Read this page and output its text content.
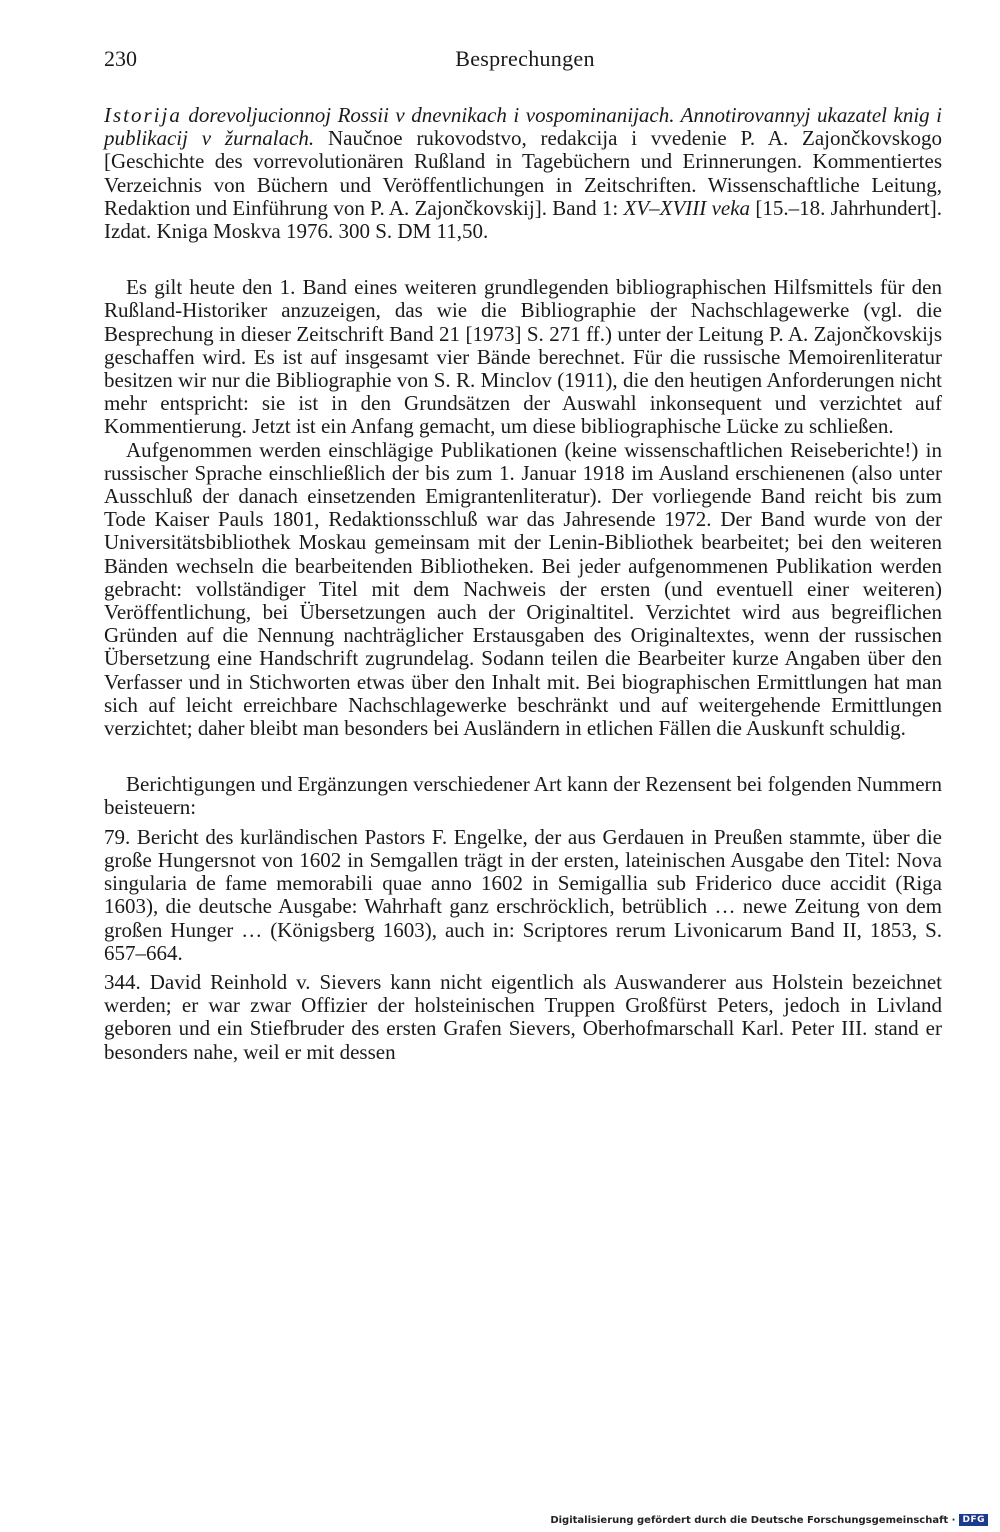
230	Besprechungen

Istorija dorevoljucionnoj Rossii v dnevnikach i vospominanijach. Annotirovannyj ukazatel knig i publikacij v žurnalach. Naučnoe rukovodstvo, redakcija i vvedenie P. A. Zajončkovskogo [Geschichte des vorrevolutionären Rußland in Tagebüchern und Erinnerungen. Kommentiertes Verzeichnis von Büchern und Veröffentlichungen in Zeitschriften. Wissenschaftliche Leitung, Redaktion und Einführung von P. A. Zajončkovskij]. Band 1: XV–XVIII veka [15.–18. Jahrhundert]. Izdat. Kniga Moskva 1976. 300 S. DM 11,50.

Es gilt heute den 1. Band eines weiteren grundlegenden bibliographischen Hilfsmittels für den Rußland-Historiker anzuzeigen, das wie die Bibliographie der Nachschlagewerke (vgl. die Besprechung in dieser Zeitschrift Band 21 [1973] S. 271 ff.) unter der Leitung P. A. Zajončkovskijs geschaffen wird. Es ist auf insgesamt vier Bände berechnet. Für die russische Memoirenliteratur besitzen wir nur die Bibliographie von S. R. Minclov (1911), die den heutigen Anforderungen nicht mehr entspricht: sie ist in den Grundsätzen der Auswahl inkonsequent und verzichtet auf Kommentierung. Jetzt ist ein Anfang gemacht, um diese bibliographische Lücke zu schließen.

Aufgenommen werden einschlägige Publikationen (keine wissenschaftlichen Reiseberichte!) in russischer Sprache einschließlich der bis zum 1. Januar 1918 im Ausland erschienenen (also unter Ausschluß der danach einsetzenden Emigrantenliteratur). Der vorliegende Band reicht bis zum Tode Kaiser Pauls 1801, Redaktionsschluß war das Jahresende 1972. Der Band wurde von der Universitätsbibliothek Moskau gemeinsam mit der Lenin-Bibliothek bearbeitet; bei den weiteren Bänden wechseln die bearbeitenden Bibliotheken. Bei jeder aufgenommenen Publikation werden gebracht: vollständiger Titel mit dem Nachweis der ersten (und eventuell einer weiteren) Veröffentlichung, bei Übersetzungen auch der Originaltitel. Verzichtet wird aus begreiflichen Gründen auf die Nennung nachträglicher Erstausgaben des Originaltextes, wenn der russischen Übersetzung eine Handschrift zugrundelag. Sodann teilen die Bearbeiter kurze Angaben über den Verfasser und in Stichworten etwas über den Inhalt mit. Bei biographischen Ermittlungen hat man sich auf leicht erreichbare Nachschlagewerke beschränkt und auf weitergehende Ermittlungen verzichtet; daher bleibt man besonders bei Ausländern in etlichen Fällen die Auskunft schuldig.

Berichtigungen und Ergänzungen verschiedener Art kann der Rezensent bei folgenden Nummern beisteuern:

79. Bericht des kurländischen Pastors F. Engelke, der aus Gerdauen in Preußen stammte, über die große Hungersnot von 1602 in Semgallen trägt in der ersten, lateinischen Ausgabe den Titel: Nova singularia de fame memorabili quae anno 1602 in Semigallia sub Friderico duce accidit (Riga 1603), die deutsche Ausgabe: Wahrhaft ganz erschröcklich, betrüblich … newe Zeitung von dem großen Hunger … (Königsberg 1603), auch in: Scriptores rerum Livonicarum Band II, 1853, S. 657–664.

344. David Reinhold v. Sievers kann nicht eigentlich als Auswanderer aus Holstein bezeichnet werden; er war zwar Offizier der holsteinischen Truppen Großfürst Peters, jedoch in Livland geboren und ein Stiefbruder des ersten Grafen Sievers, Oberhofmarschall Karl. Peter III. stand er besonders nahe, weil er mit dessen

Digitalisierung gefördert durch die Deutsche Forschungsgemeinschaft · DFG
